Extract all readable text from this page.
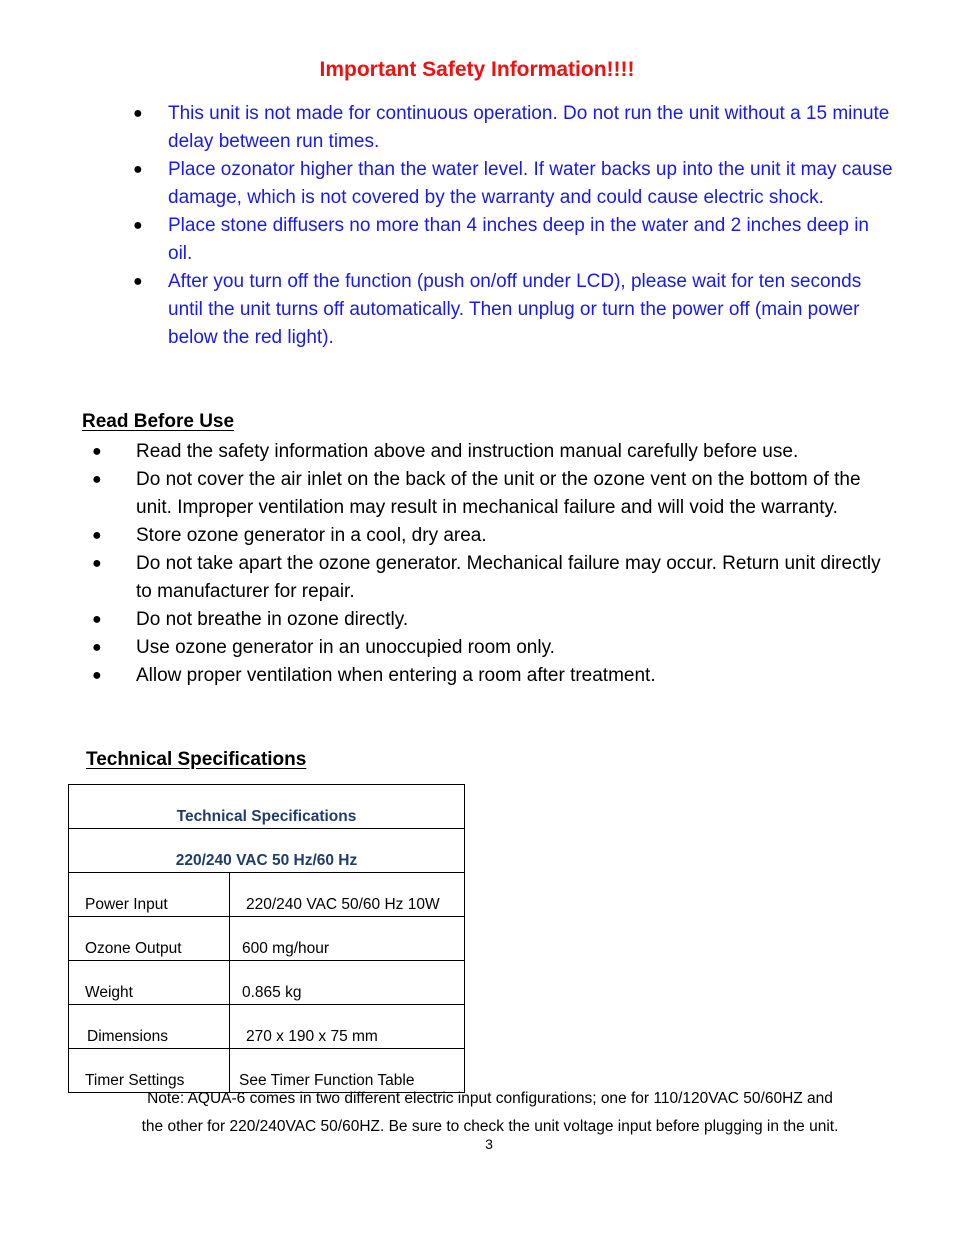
Important Safety Information!!!!
● This unit is not made for continuous operation. Do not run the unit without a 15 minute delay between run times.
● Place ozonator higher than the water level. If water backs up into the unit it may cause damage, which is not covered by the warranty and could cause electric shock.
● Place stone diffusers no more than 4 inches deep in the water and 2 inches deep in oil.
● After you turn off the function (push on/off under LCD), please wait for ten seconds until the unit turns off automatically. Then unplug or turn the power off (main power below the red light).
Read Before Use
● Read the safety information above and instruction manual carefully before use.
● Do not cover the air inlet on the back of the unit or the ozone vent on the bottom of the unit. Improper ventilation may result in mechanical failure and will void the warranty.
● Store ozone generator in a cool, dry area.
● Do not take apart the ozone generator. Mechanical failure may occur. Return unit directly to manufacturer for repair.
● Do not breathe in ozone directly.
● Use ozone generator in an unoccupied room only.
● Allow proper ventilation when entering a room after treatment.
Technical Specifications
Technical Specifications	
220/240 VAC 50 Hz/60 Hz	
Power Input	220/240 VAC 50/60 Hz 10W
Ozone Output	600 mg/hour
Weight	0.865 kg
Dimensions	270 x 190 x 75 mm
Timer Settings	See Timer Function Table
Note: AQUA-6 comes in two different electric input configurations; one for 110/120VAC 50/60HZ and
the other for 220/240VAC 50/60HZ. Be sure to check the unit voltage input before plugging in the unit.
3
